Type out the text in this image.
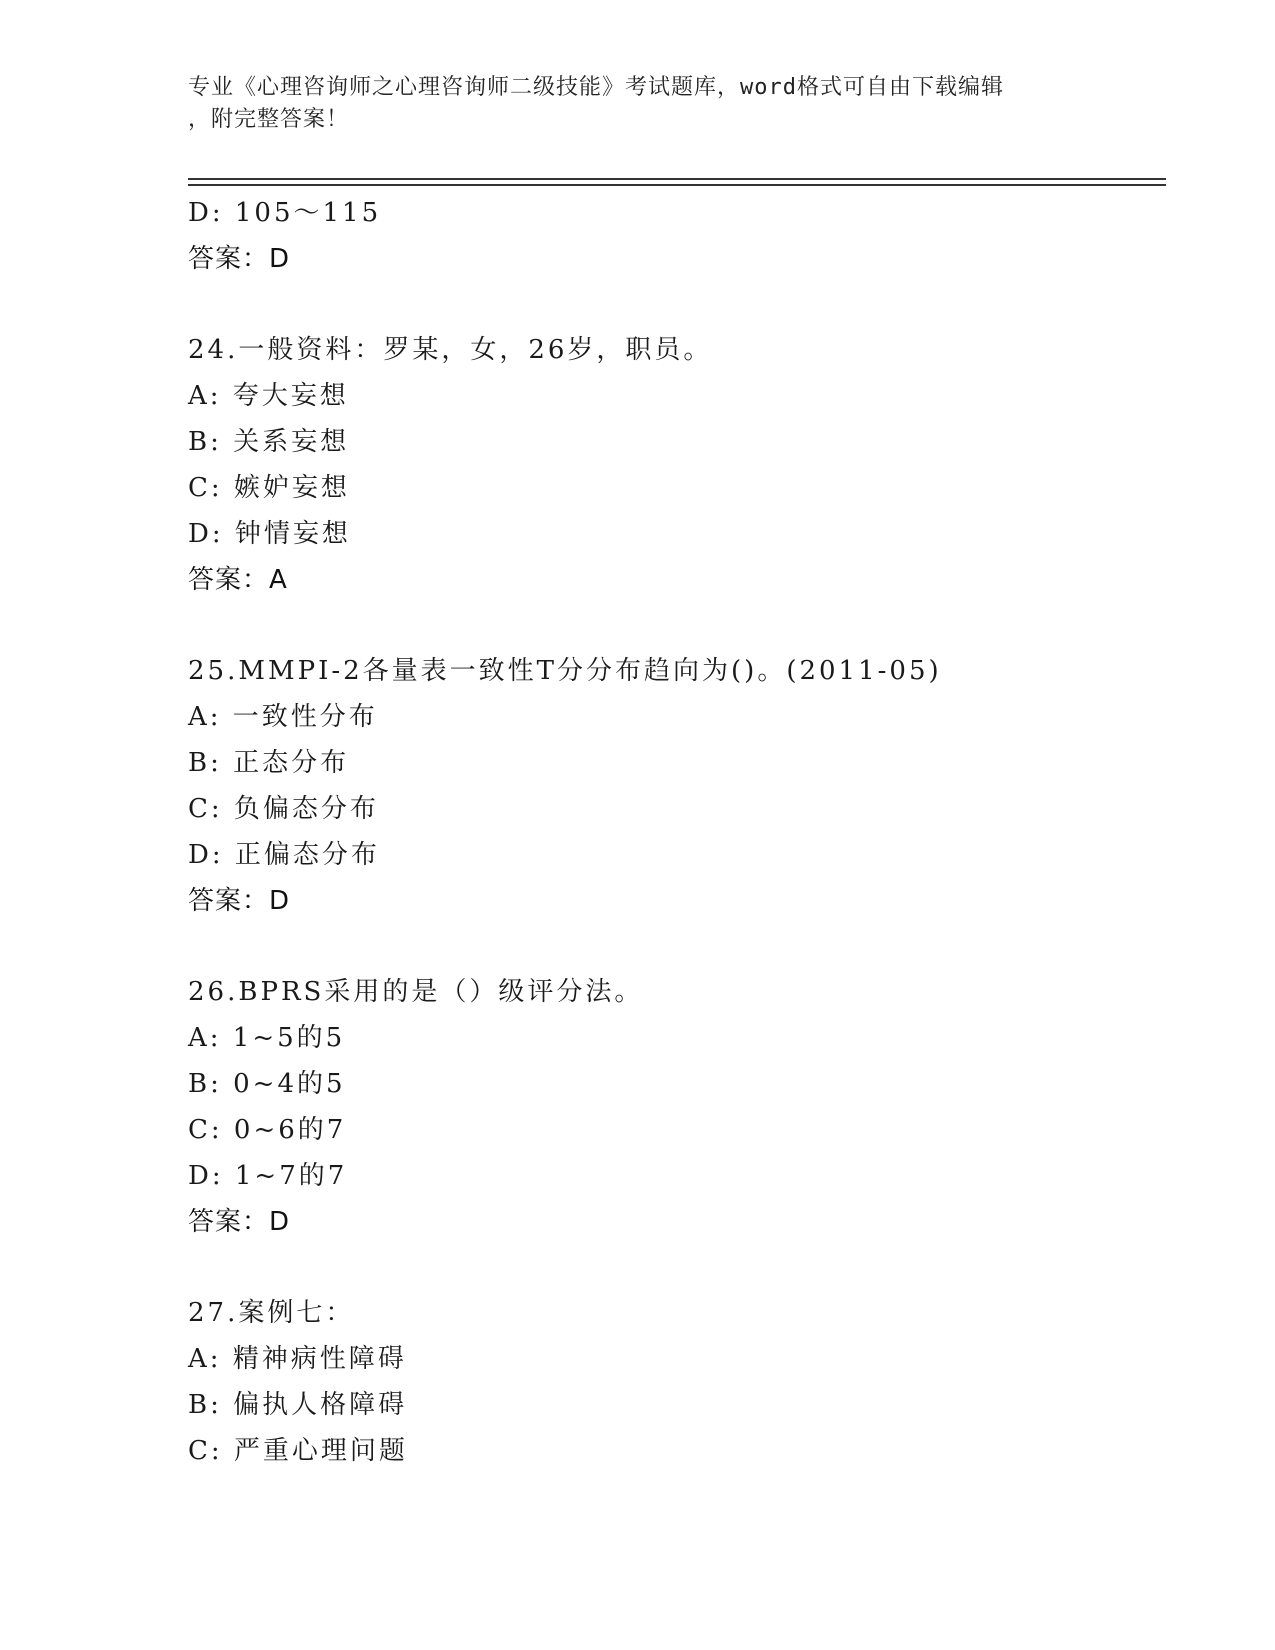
专业《心理咨询师之心理咨询师二级技能》考试题库，word格式可自由下载编辑
，附完整答案！
D: 105～115
答案：D
24.一般资料：罗某，女，26岁，职员。
A: 夸大妄想
B: 关系妄想
C: 嫉妒妄想
D: 钟情妄想
答案：A
25.MMPI-2各量表一致性T分分布趋向为()。(2011-05)
A: 一致性分布
B: 正态分布
C: 负偏态分布
D: 正偏态分布
答案：D
26.BPRS采用的是（）级评分法。
A: 1~5的5
B: 0~4的5
C: 0~6的7
D: 1~7的7
答案：D
27.案例七：
A: 精神病性障碍
B: 偏执人格障碍
C: 严重心理问题
